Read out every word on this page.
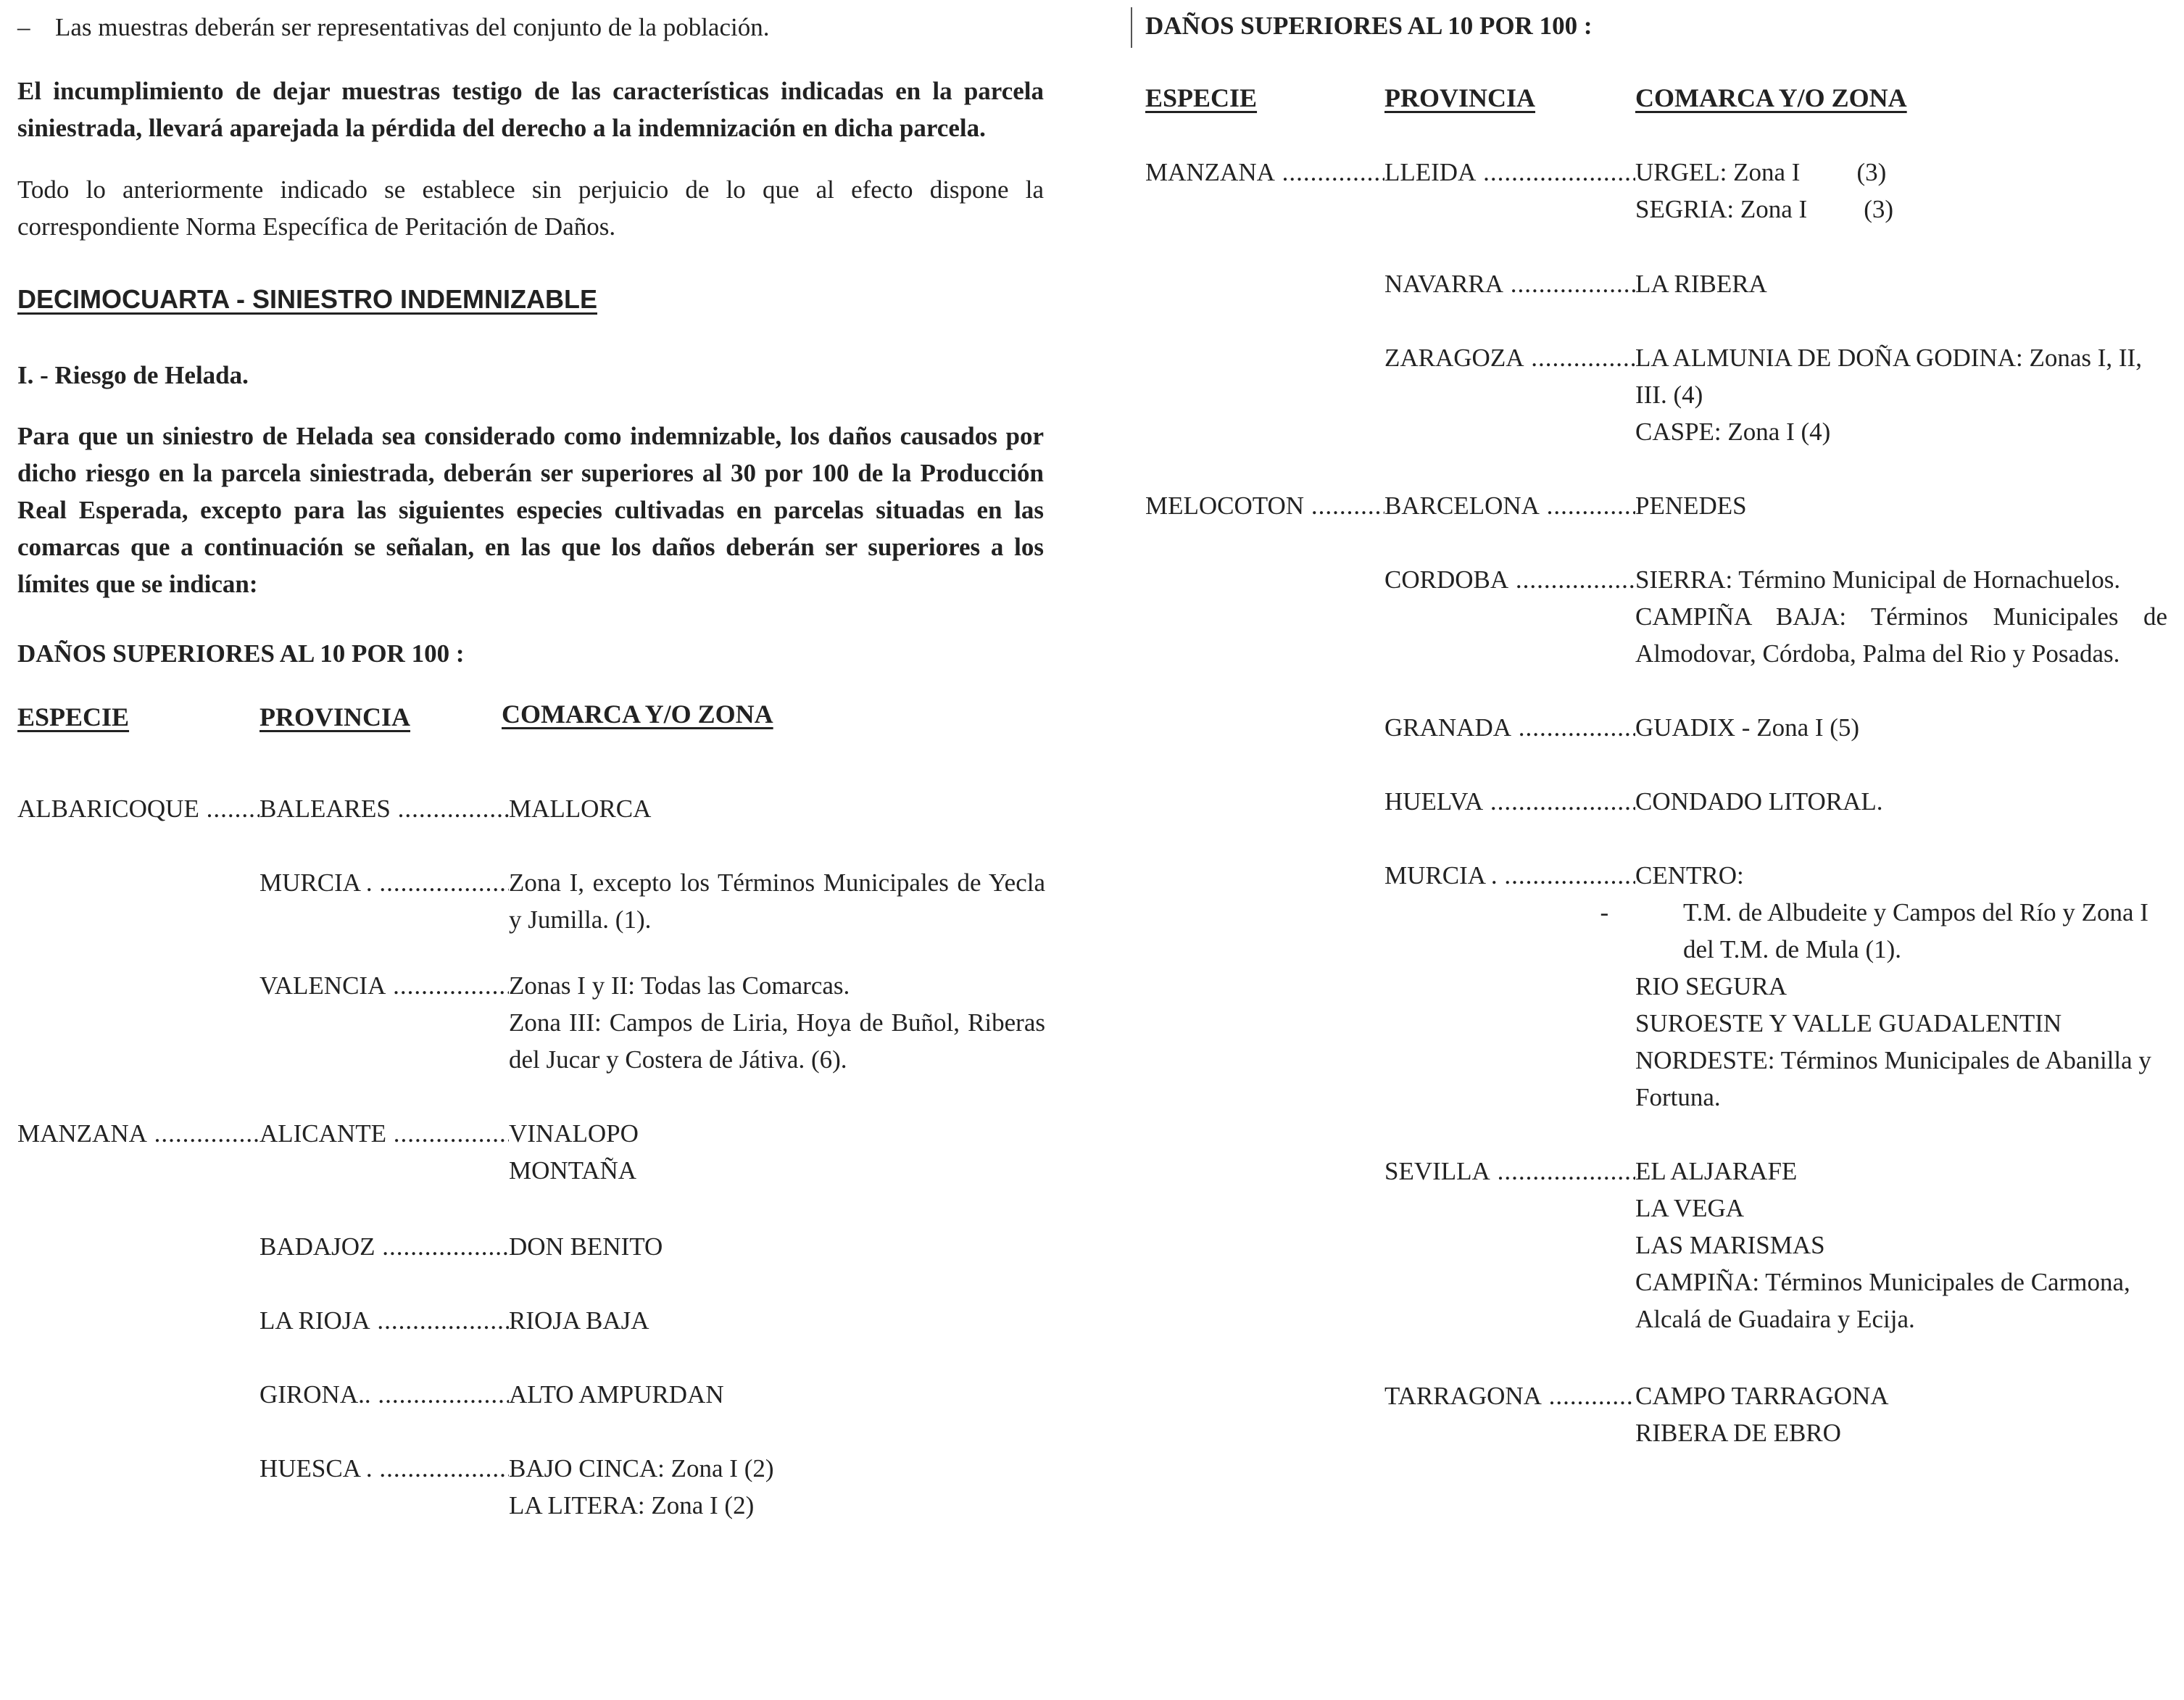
– Las muestras deberán ser representativas del conjunto de la población.

El incumplimiento de dejar muestras testigo de las características indicadas en la parcela siniestrada, llevará aparejada la pérdida del derecho a la indemnización en dicha parcela.

Todo lo anteriormente indicado se establece sin perjuicio de lo que al efecto dispone la correspondiente Norma Específica de Peritación de Daños.

DECIMOCUARTA - SINIESTRO INDEMNIZABLE

I. - Riesgo de Helada.

Para que un siniestro de Helada sea considerado como indemnizable, los daños causados por dicho riesgo en la parcela siniestrada, deberán ser superiores al 30 por 100 de la Producción Real Esperada, excepto para las siguientes especies cultivadas en parcelas situadas en las comarcas que a continuación se señalan, en las que los daños deberán ser superiores a los límites que se indican:

DAÑOS SUPERIORES AL 10 POR 100 :

ESPECIE	PROVINCIA	COMARCA Y/O ZONA

ALBARICOQUE .....	BALEARES .....	MALLORCA
MURCIA . .....	Zona I, excepto los Términos Municipales de Yecla y Jumilla. (1).
VALENCIA .....	Zonas I y II: Todas las Comarcas.
Zona III: Campos de Liria, Hoya de Buñol, Riberas del Jucar y Costera de Játiva. (6).
MANZANA .....	ALICANTE .....	VINALOPO
MONTAÑA
BADAJOZ .....	DON BENITO
LA RIOJA .....	RIOJA BAJA
GIRONA.. .....	ALTO AMPURDAN
HUESCA . .....	BAJO CINCA: Zona I (2)
LA LITERA: Zona I (2)

DAÑOS SUPERIORES AL 10 POR 100 :

ESPECIE	PROVINCIA	COMARCA Y/O ZONA

MANZANA .....	LLEIDA .....	URGEL: Zona I (3)
SEGRIA: Zona I (3)
NAVARRA .....	LA RIBERA
ZARAGOZA .....	LA ALMUNIA DE DOÑA GODINA: Zonas I, II, III. (4)
CASPE: Zona I (4)
MELOCOTON .....	BARCELONA .....	PENEDES
CORDOBA .....	SIERRA: Término Municipal de Hornachuelos.
CAMPIÑA BAJA: Términos Municipales de Almodovar, Córdoba, Palma del Rio y Posadas.
GRANADA .....	GUADIX - Zona I (5)
HUELVA .....	CONDADO LITORAL.
MURCIA . .....	CENTRO:
-	T.M. de Albudeite y Campos del Río y Zona I del T.M. de Mula (1).
RIO SEGURA
SUROESTE Y VALLE GUADALENTIN
NORDESTE: Términos Municipales de Abanilla y Fortuna.
SEVILLA .....	EL ALJARAFE
LA VEGA
LAS MARISMAS
CAMPIÑA: Términos Municipales de Carmona, Alcalá de Guadaira y Ecija.
TARRAGONA .....	CAMPO TARRAGONA
RIBERA DE EBRO
